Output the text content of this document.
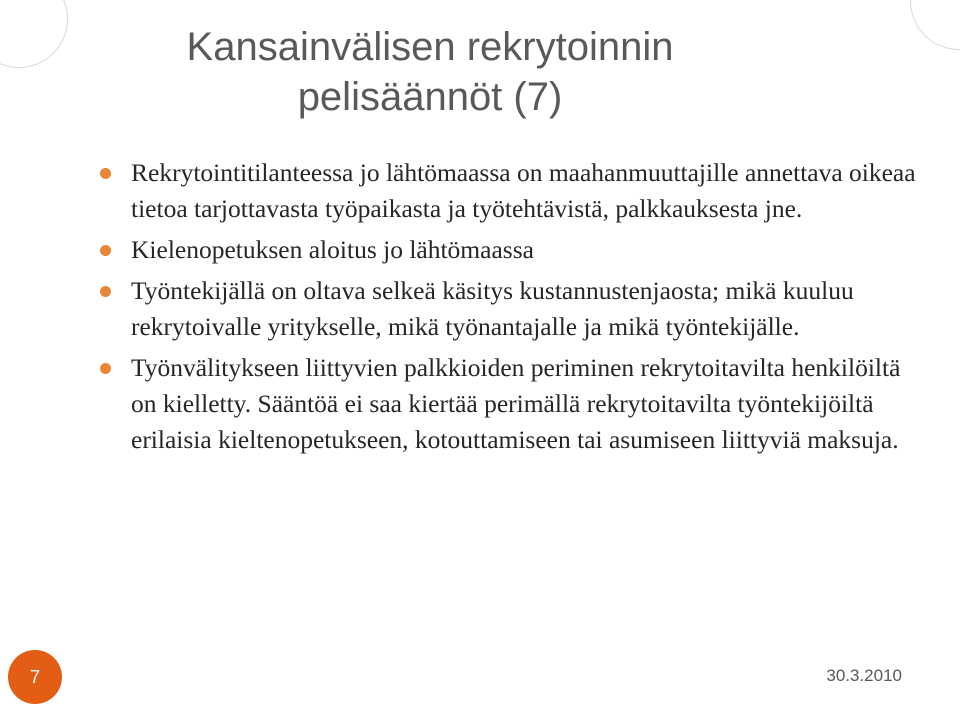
Kansainvälisen rekrytoinnin
pelisäännöt (7)
Rekrytointitilanteessa jo lähtömaassa on maahanmuuttajille annettava oikeaa tietoa tarjottavasta työpaikasta ja työtehtävistä, palkkauksesta jne.
Kielenopetuksen aloitus jo lähtömaassa
Työntekijällä on oltava selkeä käsitys kustannustenjaosta; mikä kuuluu rekrytoivalle yritykselle, mikä työnantajalle ja mikä työntekijälle.
Työnvälitykseen liittyvien palkkioiden periminen rekrytoitavilta henkilöiltä on kielletty. Sääntöä ei saa kiertää perimällä rekrytoitavilta työntekijöiltä erilaisia kieltenopetukseen, kotouttamiseen tai asumiseen liittyviä maksuja.
7	30.3.2010
